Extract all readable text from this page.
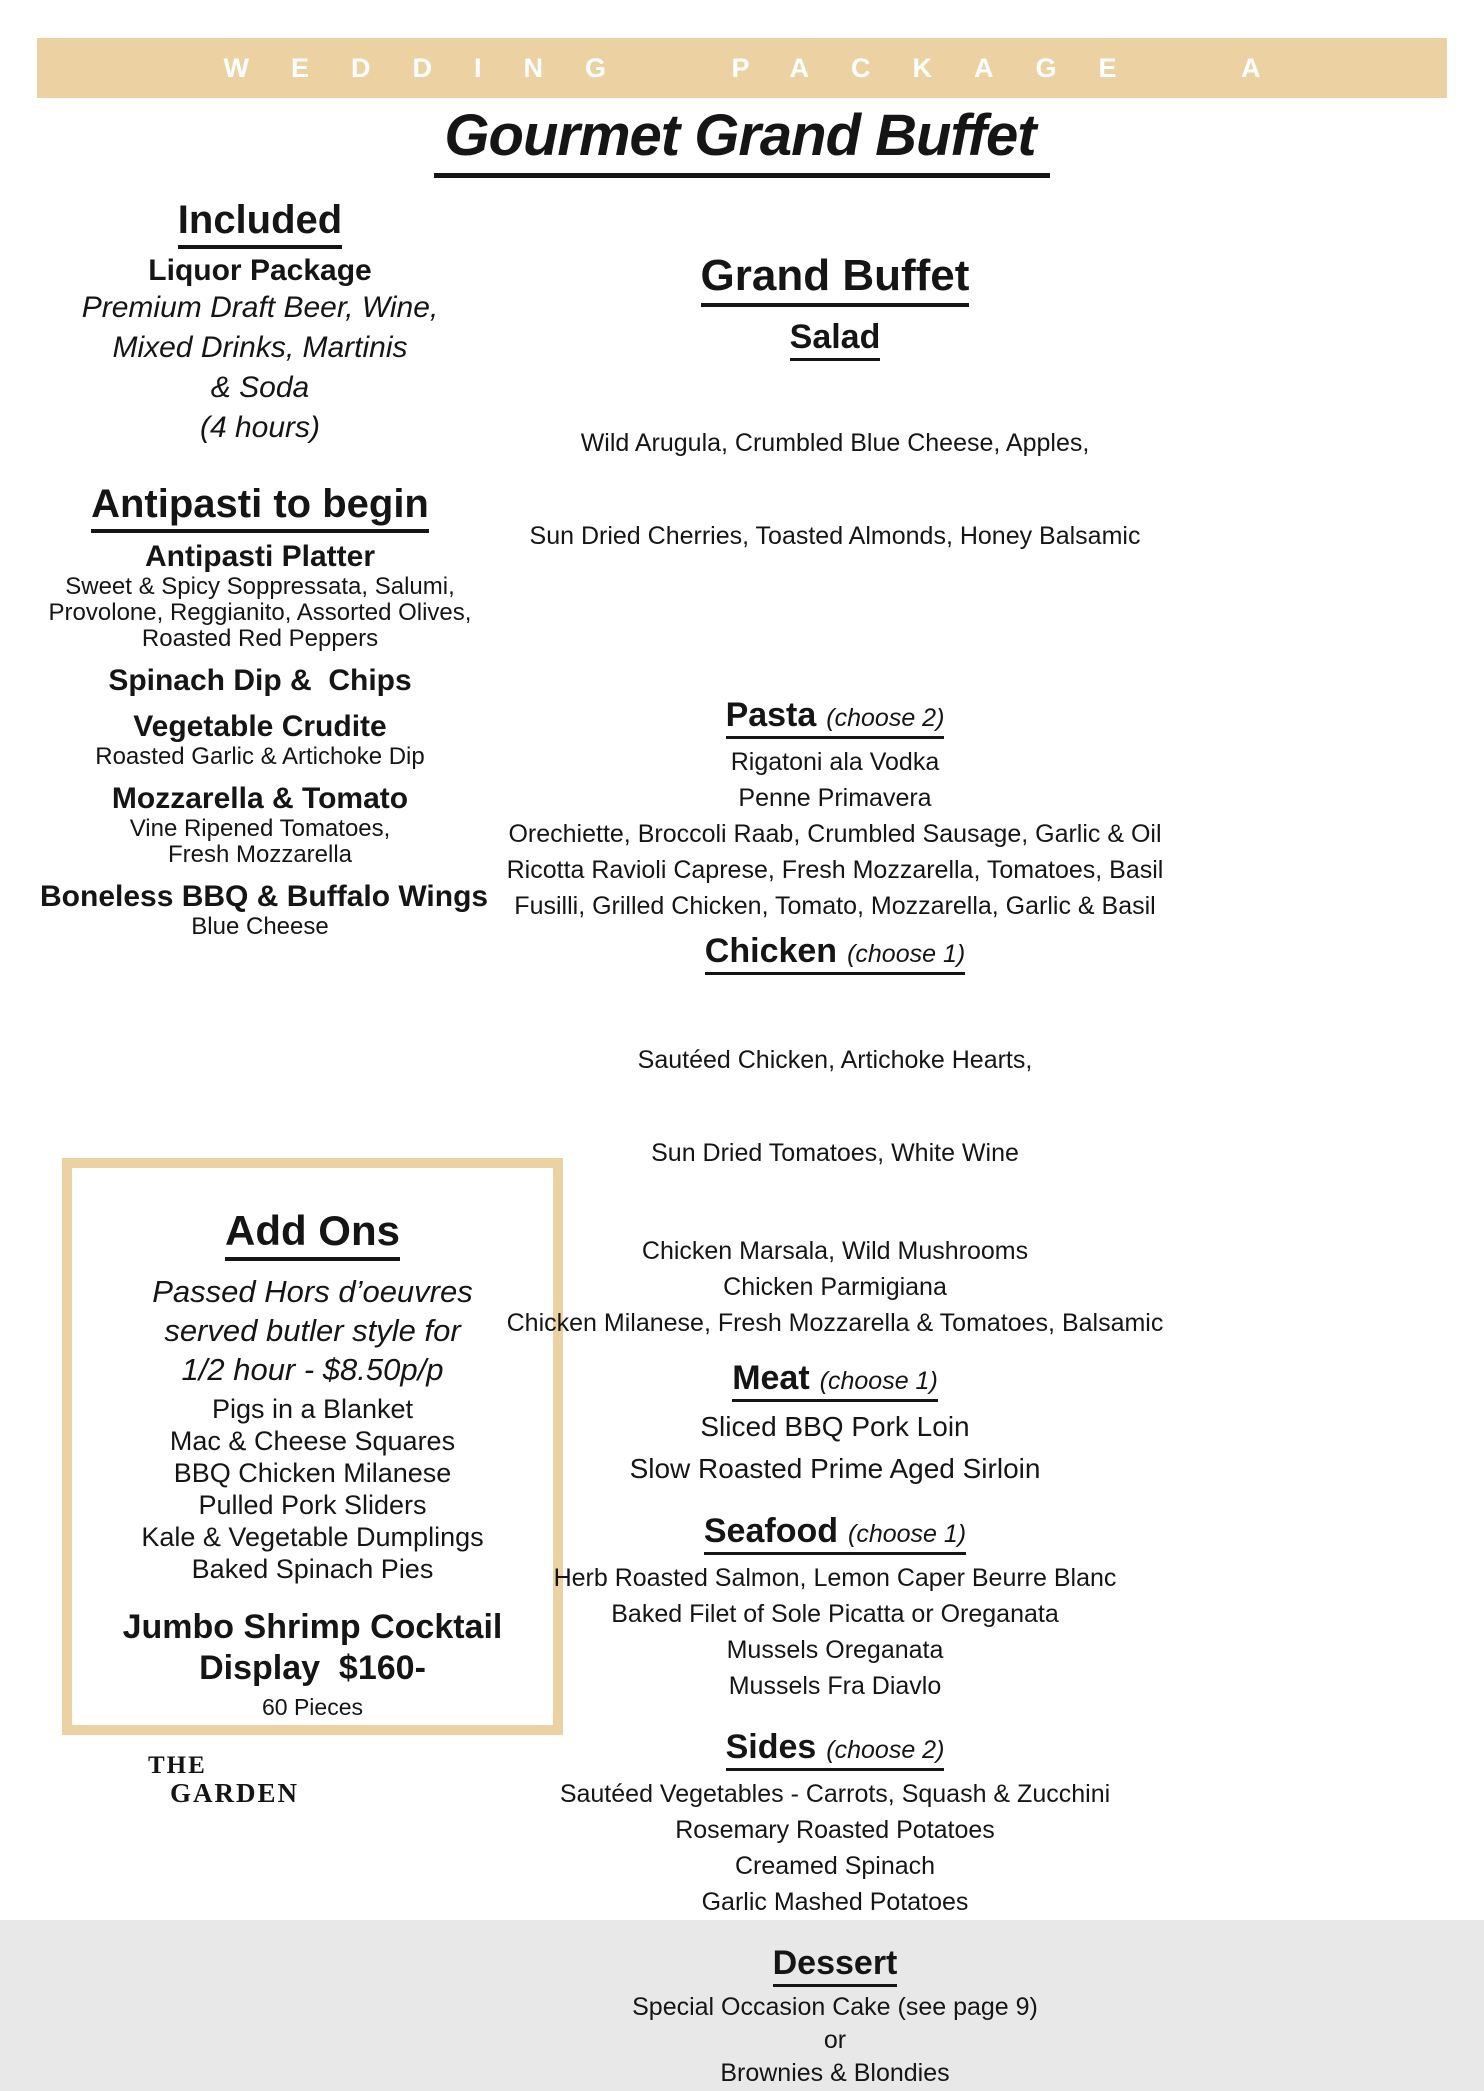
WEDDING PACKAGE A
Gourmet Grand Buffet
Included
Liquor Package
Premium Draft Beer, Wine,
Mixed Drinks, Martinis
& Soda
(4 hours)
Antipasti to begin
Antipasti Platter
Sweet & Spicy Soppressata, Salumi,
Provolone, Reggianito, Assorted Olives,
Roasted Red Peppers
Spinach Dip &  Chips
Vegetable Crudite
Roasted Garlic & Artichoke Dip
Mozzarella & Tomato
Vine Ripened Tomatoes,
Fresh Mozzarella
Boneless BBQ & Buffalo Wings
Blue Cheese
Add Ons
Passed Hors d’oeuvres
served butler style for
1/2 hour - $8.50p/p
Pigs in a Blanket
Mac & Cheese Squares
BBQ Chicken Milanese
Pulled Pork Sliders
Kale & Vegetable Dumplings
Baked Spinach Pies
Jumbo Shrimp Cocktail
Display  $160-
60 Pieces
THE
GARDEN
Grand Buffet
Salad

Wild Arugula, Crumbled Blue Cheese, Apples,

Sun Dried Cherries, Toasted Almonds, Honey Balsamic

Pasta (choose 2)
Rigatoni ala Vodka
Penne Primavera
Orechiette, Broccoli Raab, Crumbled Sausage, Garlic & Oil
Ricotta Ravioli Caprese, Fresh Mozzarella, Tomatoes, Basil
Fusilli, Grilled Chicken, Tomato, Mozzarella, Garlic & Basil
Chicken (choose 1)

Sautéed Chicken, Artichoke Hearts,

Sun Dried Tomatoes, White Wine

Chicken Marsala, Wild Mushrooms
Chicken Parmigiana
Chicken Milanese, Fresh Mozzarella & Tomatoes, Balsamic
Meat (choose 1)
Sliced BBQ Pork Loin
Slow Roasted Prime Aged Sirloin
Seafood (choose 1)
Herb Roasted Salmon, Lemon Caper Beurre Blanc
Baked Filet of Sole Picatta or Oreganata
Mussels Oreganata
Mussels Fra Diavlo
Sides (choose 2)
Sautéed Vegetables - Carrots, Squash & Zucchini
Rosemary Roasted Potatoes
Creamed Spinach
Garlic Mashed Potatoes
Dessert
Special Occasion Cake (see page 9)
or
Brownies & Blondies
